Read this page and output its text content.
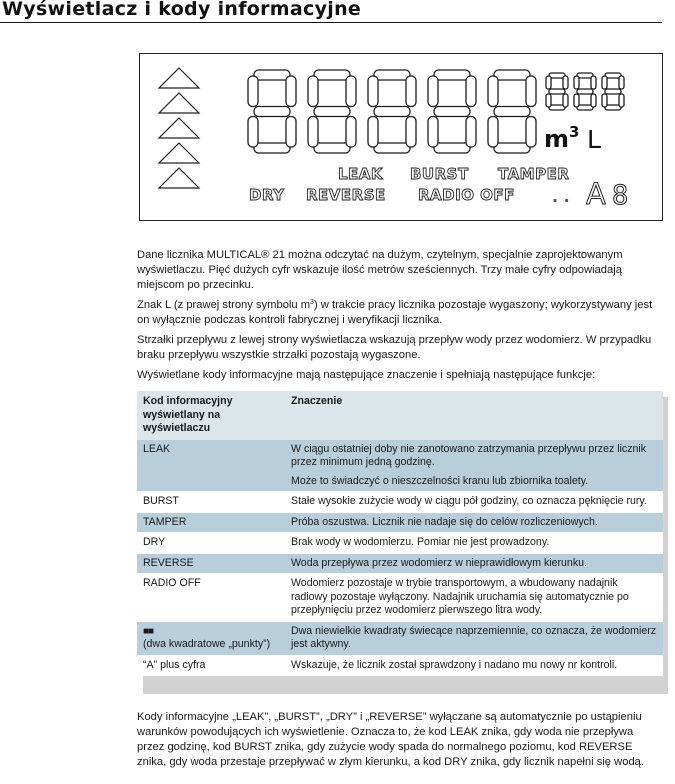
Wyświetlacz i kody informacyjne
$m^3$ L
LEAK BURST TAMPER
DRY REVERSE RADIO OFF . . A 8

Dane licznika MULTICAL® 21 można odczytać na dużym, czytelnym, specjalnie zaprojektowanym wyświetlaczu. Pięć dużych cyfr wskazuje ilość metrów sześciennych. Trzy małe cyfry odpowiadają miejscom po przecinku.

Znak L (z prawej strony symbolu $m^3$) w trakcie pracy licznika pozostaje wygaszony; wykorzystywany jest on wyłącznie podczas kontroli fabrycznej i weryfikacji licznika.

Strzałki przepływu z lewej strony wyświetlacza wskazują przepływ wody przez wodomierz. W przypadku braku przepływu wszystkie strzałki pozostają wygaszone.

Wyświetlane kody informacyjne mają następujące znaczenie i spełniają następujące funkcje:

Kod informacyjny wyświetlany na wyświetlaczu	Znaczenie
LEAK	W ciągu ostatniej doby nie zanotowano zatrzymania przepływu przez licznik przez minimum jedną godzinę.

Może to świadczyć o nieszczelności kranu lub zbiornika toalety.

BURST	Stałe wysokie zużycie wody w ciągu pół godziny, co oznacza pęknięcie rury.
TAMPER	Próba oszustwa. Licznik nie nadaje się do celów rozliczeniowych.
DRY	Brak wody w wodomierzu. Pomiar nie jest prowadzony.
REVERSE	Woda przepływa przez wodomierz w nieprawidłowym kierunku.
RADIO OFF	Wodomierz pozostaje w trybie transportowym, a wbudowany nadajnik radiowy pozostaje wyłączony. Nadajnik uruchamia się automatycznie po przepłynięciu przez wodomierz pierwszego litra wody.

■■
(dwa kwadratowe „punkty”)	Dwa niewielkie kwadraty świecące naprzemiennie, co oznacza, że wodomierz jest aktywny.
“A” plus cyfra	Wskazuje, że licznik został sprawdzony i nadano mu nowy nr kontroli.

Kody informacyjne „LEAK”, „BURST”, „DRY” i „REVERSE” wyłączane są automatycznie po ustąpieniu warunków powodujących ich wyświetlenie. Oznacza to, że kod LEAK znika, gdy woda nie przepływa przez godzinę, kod BURST znika, gdy zużycie wody spada do normalnego poziomu, kod REVERSE znika, gdy woda przestaje przepływać w złym kierunku, a kod DRY znika, gdy licznik napełni się wodą.
